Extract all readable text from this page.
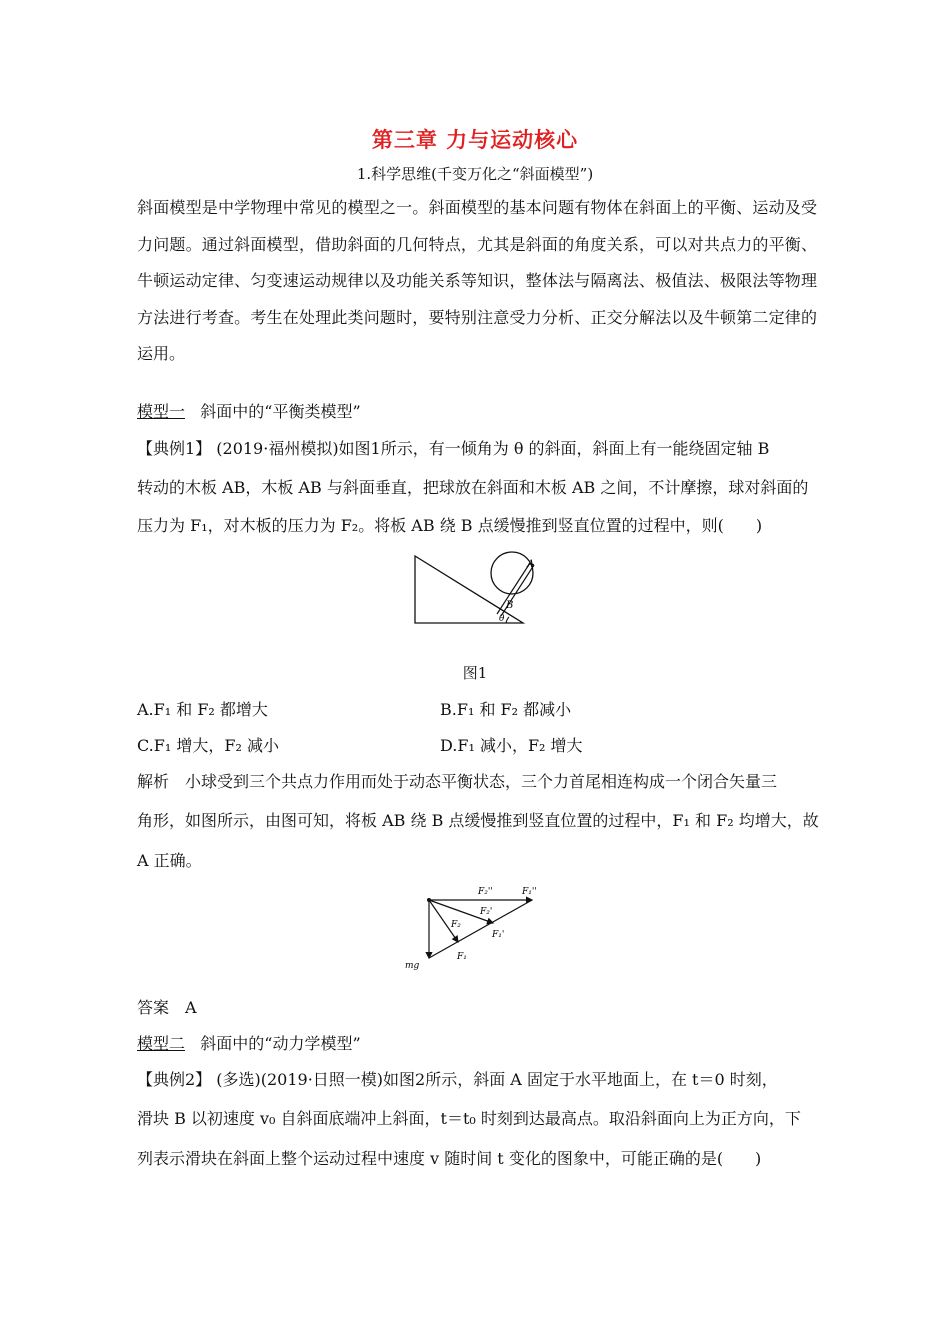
第三章 力与运动核心
1.科学思维(千变万化之“斜面模型”)
斜面模型是中学物理中常见的模型之一。斜面模型的基本问题有物体在斜面上的平衡、运动及受力问题。通过斜面模型，借助斜面的几何特点，尤其是斜面的角度关系，可以对共点力的平衡、牛顿运动定律、匀变速运动规律以及功能关系等知识，整体法与隔离法、极值法、极限法等物理方法进行考查。考生在处理此类问题时，要特别注意受力分析、正交分解法以及牛顿第二定律的运用。
模型一 斜面中的“平衡类模型”
【典例1】 (2019·福州模拟)如图1所示，有一倾角为 θ 的斜面，斜面上有一能绕固定轴 B
转动的木板 AB，木板 AB 与斜面垂直，把球放在斜面和木板 AB 之间，不计摩擦，球对斜面的
压力为 F₁，对木板的压力为 F₂。将板 AB 绕 B 点缓慢推到竖直位置的过程中，则(　　)
A
B
θ
图1
A.F₁ 和 F₂ 都增大	B.F₁ 和 F₂ 都减小
C.F₁ 增大，F₂ 减小	D.F₁ 减小，F₂ 增大
解析　小球受到三个共点力作用而处于动态平衡状态，三个力首尾相连构成一个闭合矢量三
角形，如图所示，由图可知，将板 AB 绕 B 点缓慢推到竖直位置的过程中，F₁ 和 F₂ 均增大，故
A 正确。
F₂''	F₁''
F₂'
F₁'
F₂
F₁
mg
答案　A
模型二 斜面中的“动力学模型”
【典例2】 (多选)(2019·日照一模)如图2所示，斜面 A 固定于水平地面上，在 t＝0 时刻，
滑块 B 以初速度 v₀ 自斜面底端冲上斜面，t＝t₀ 时刻到达最高点。取沿斜面向上为正方向，下
列表示滑块在斜面上整个运动过程中速度 v 随时间 t 变化的图象中，可能正确的是(　　)
